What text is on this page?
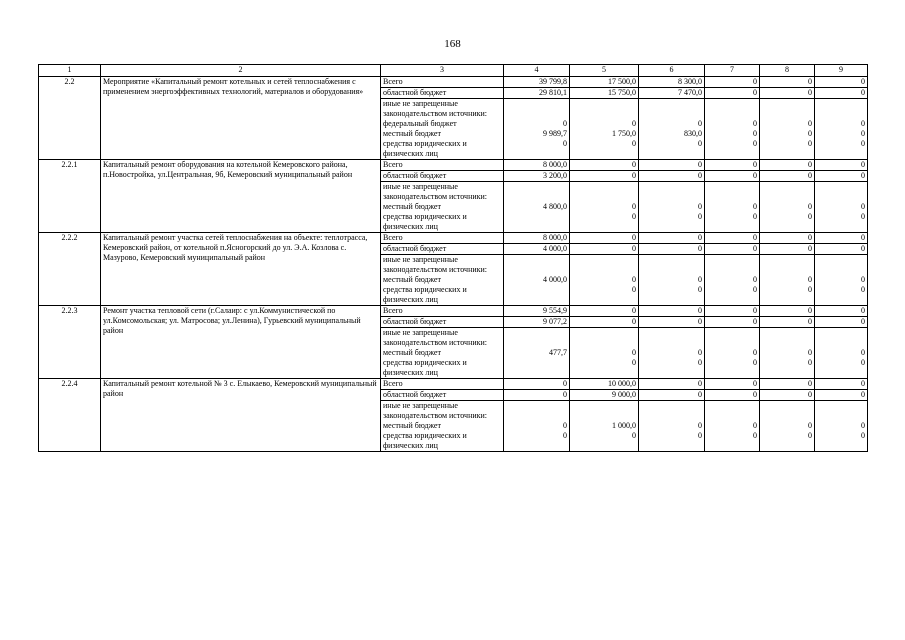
168
1	2	3	4	5	6	7	8	9
2.2	Мероприятие «Капитальный ремонт котельных и сетей теплоснабжения с применением энергоэффективных технологий, материалов и оборудования»	Всего	39 799,8	17 500,0	8 300,0	0	0	0
		областной бюджет	29 810,1	15 750,0	7 470,0	0	0	0
		иные не запрещенные законодательством источники:						
		федеральный бюджет	0	0	0	0	0	0
		местный бюджет	9 989,7	1 750,0	830,0	0	0	0
		средства юридических и физических лиц	0	0	0	0	0	0
2.2.1	Капитальный ремонт оборудования на котельной Кемеровского района, п.Новостройка, ул.Центральная, 9б, Кемеровский муниципальный район	Всего	8 000,0	0	0	0	0	0
		областной бюджет	3 200,0	0	0	0	0	0
		иные не запрещенные законодательством источники:						
		местный бюджет	4 800,0	0	0	0	0	0
		средства юридических и физических лиц		0	0	0	0	0
2.2.2	Капитальный ремонт участка сетей теплоснабжения на объекте: теплотрасса, Кемеровский район, от котельной п.Ясногорский до ул. Э.А. Козлова с. Мазурово, Кемеровский муниципальный район	Всего	8 000,0	0	0	0	0	0
		областной бюджет	4 000,0	0	0	0	0	0
		иные не запрещенные законодательством источники:						
		местный бюджет	4 000,0	0	0	0	0	0
		средства юридических и физических лиц		0	0	0	0	0
2.2.3	Ремонт участка тепловой сети (г.Салаир: с ул.Коммунистической по ул.Комсомольская; ул. Матросова; ул.Ленина), Гурьевский муниципальный район	Всего	9 554,9	0	0	0	0	0
		областной бюджет	9 077,2	0	0	0	0	0
		иные не запрещенные законодательством источники:						
		местный бюджет	477,7	0	0	0	0	0
		средства юридических и физических лиц		0	0	0	0	0
2.2.4	Капитальный ремонт котельной № 3 с. Елыкаево, Кемеровский муниципальный район	Всего	0	10 000,0	0	0	0	0
		областной бюджет	0	9 000,0	0	0	0	0
		иные не запрещенные законодательством источники:						
		местный бюджет	0	1 000,0	0	0	0	0
		средства юридических и физических лиц	0	0	0	0	0	0
